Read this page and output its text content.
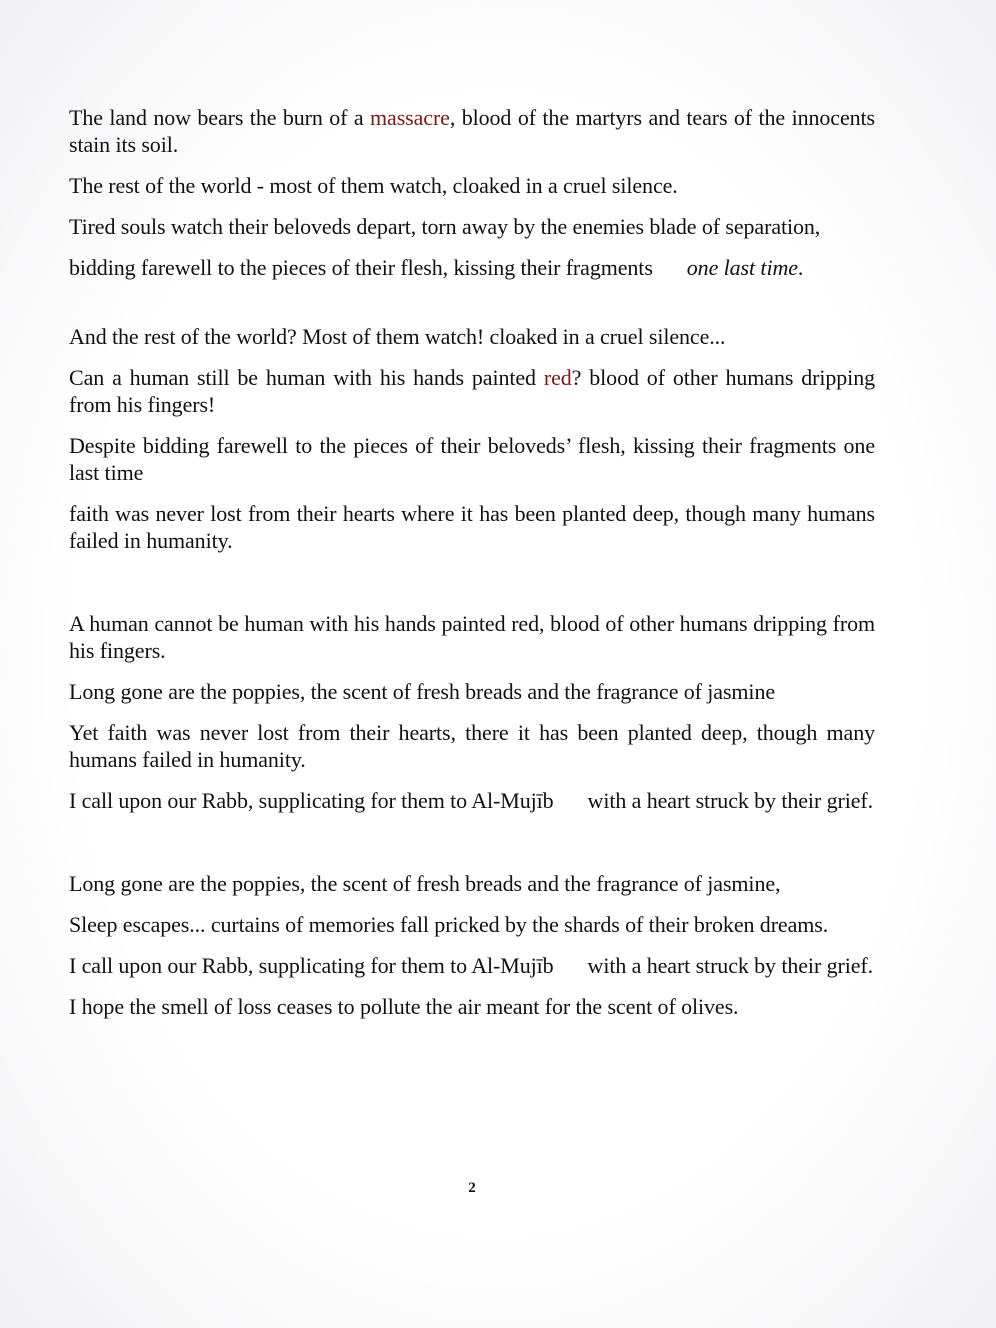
The land now bears the burn of a massacre, blood of the martyrs and tears of the innocents stain its soil.

The rest of the world - most of them watch, cloaked in a cruel silence.

Tired souls watch their beloveds depart, torn away by the enemies blade of separation,

bidding farewell to the pieces of their flesh, kissing their fragments one last time.

And the rest of the world? Most of them watch! cloaked in a cruel silence...

Can a human still be human with his hands painted red? blood of other humans dripping from his fingers!

Despite bidding farewell to the pieces of their beloveds’ flesh, kissing their fragments one last time

faith was never lost from their hearts where it has been planted deep, though many humans failed in humanity.

A human cannot be human with his hands painted red, blood of other humans dripping from his fingers.

Long gone are the poppies, the scent of fresh breads and the fragrance of jasmine

Yet faith was never lost from their hearts, there it has been planted deep, though many humans failed in humanity.

I call upon our Rabb, supplicating for them to Al-Mujīb with a heart struck by their grief.

Long gone are the poppies, the scent of fresh breads and the fragrance of jasmine,

Sleep escapes... curtains of memories fall pricked by the shards of their broken dreams.

I call upon our Rabb, supplicating for them to Al-Mujīb with a heart struck by their grief.

I hope the smell of loss ceases to pollute the air meant for the scent of olives.

2
